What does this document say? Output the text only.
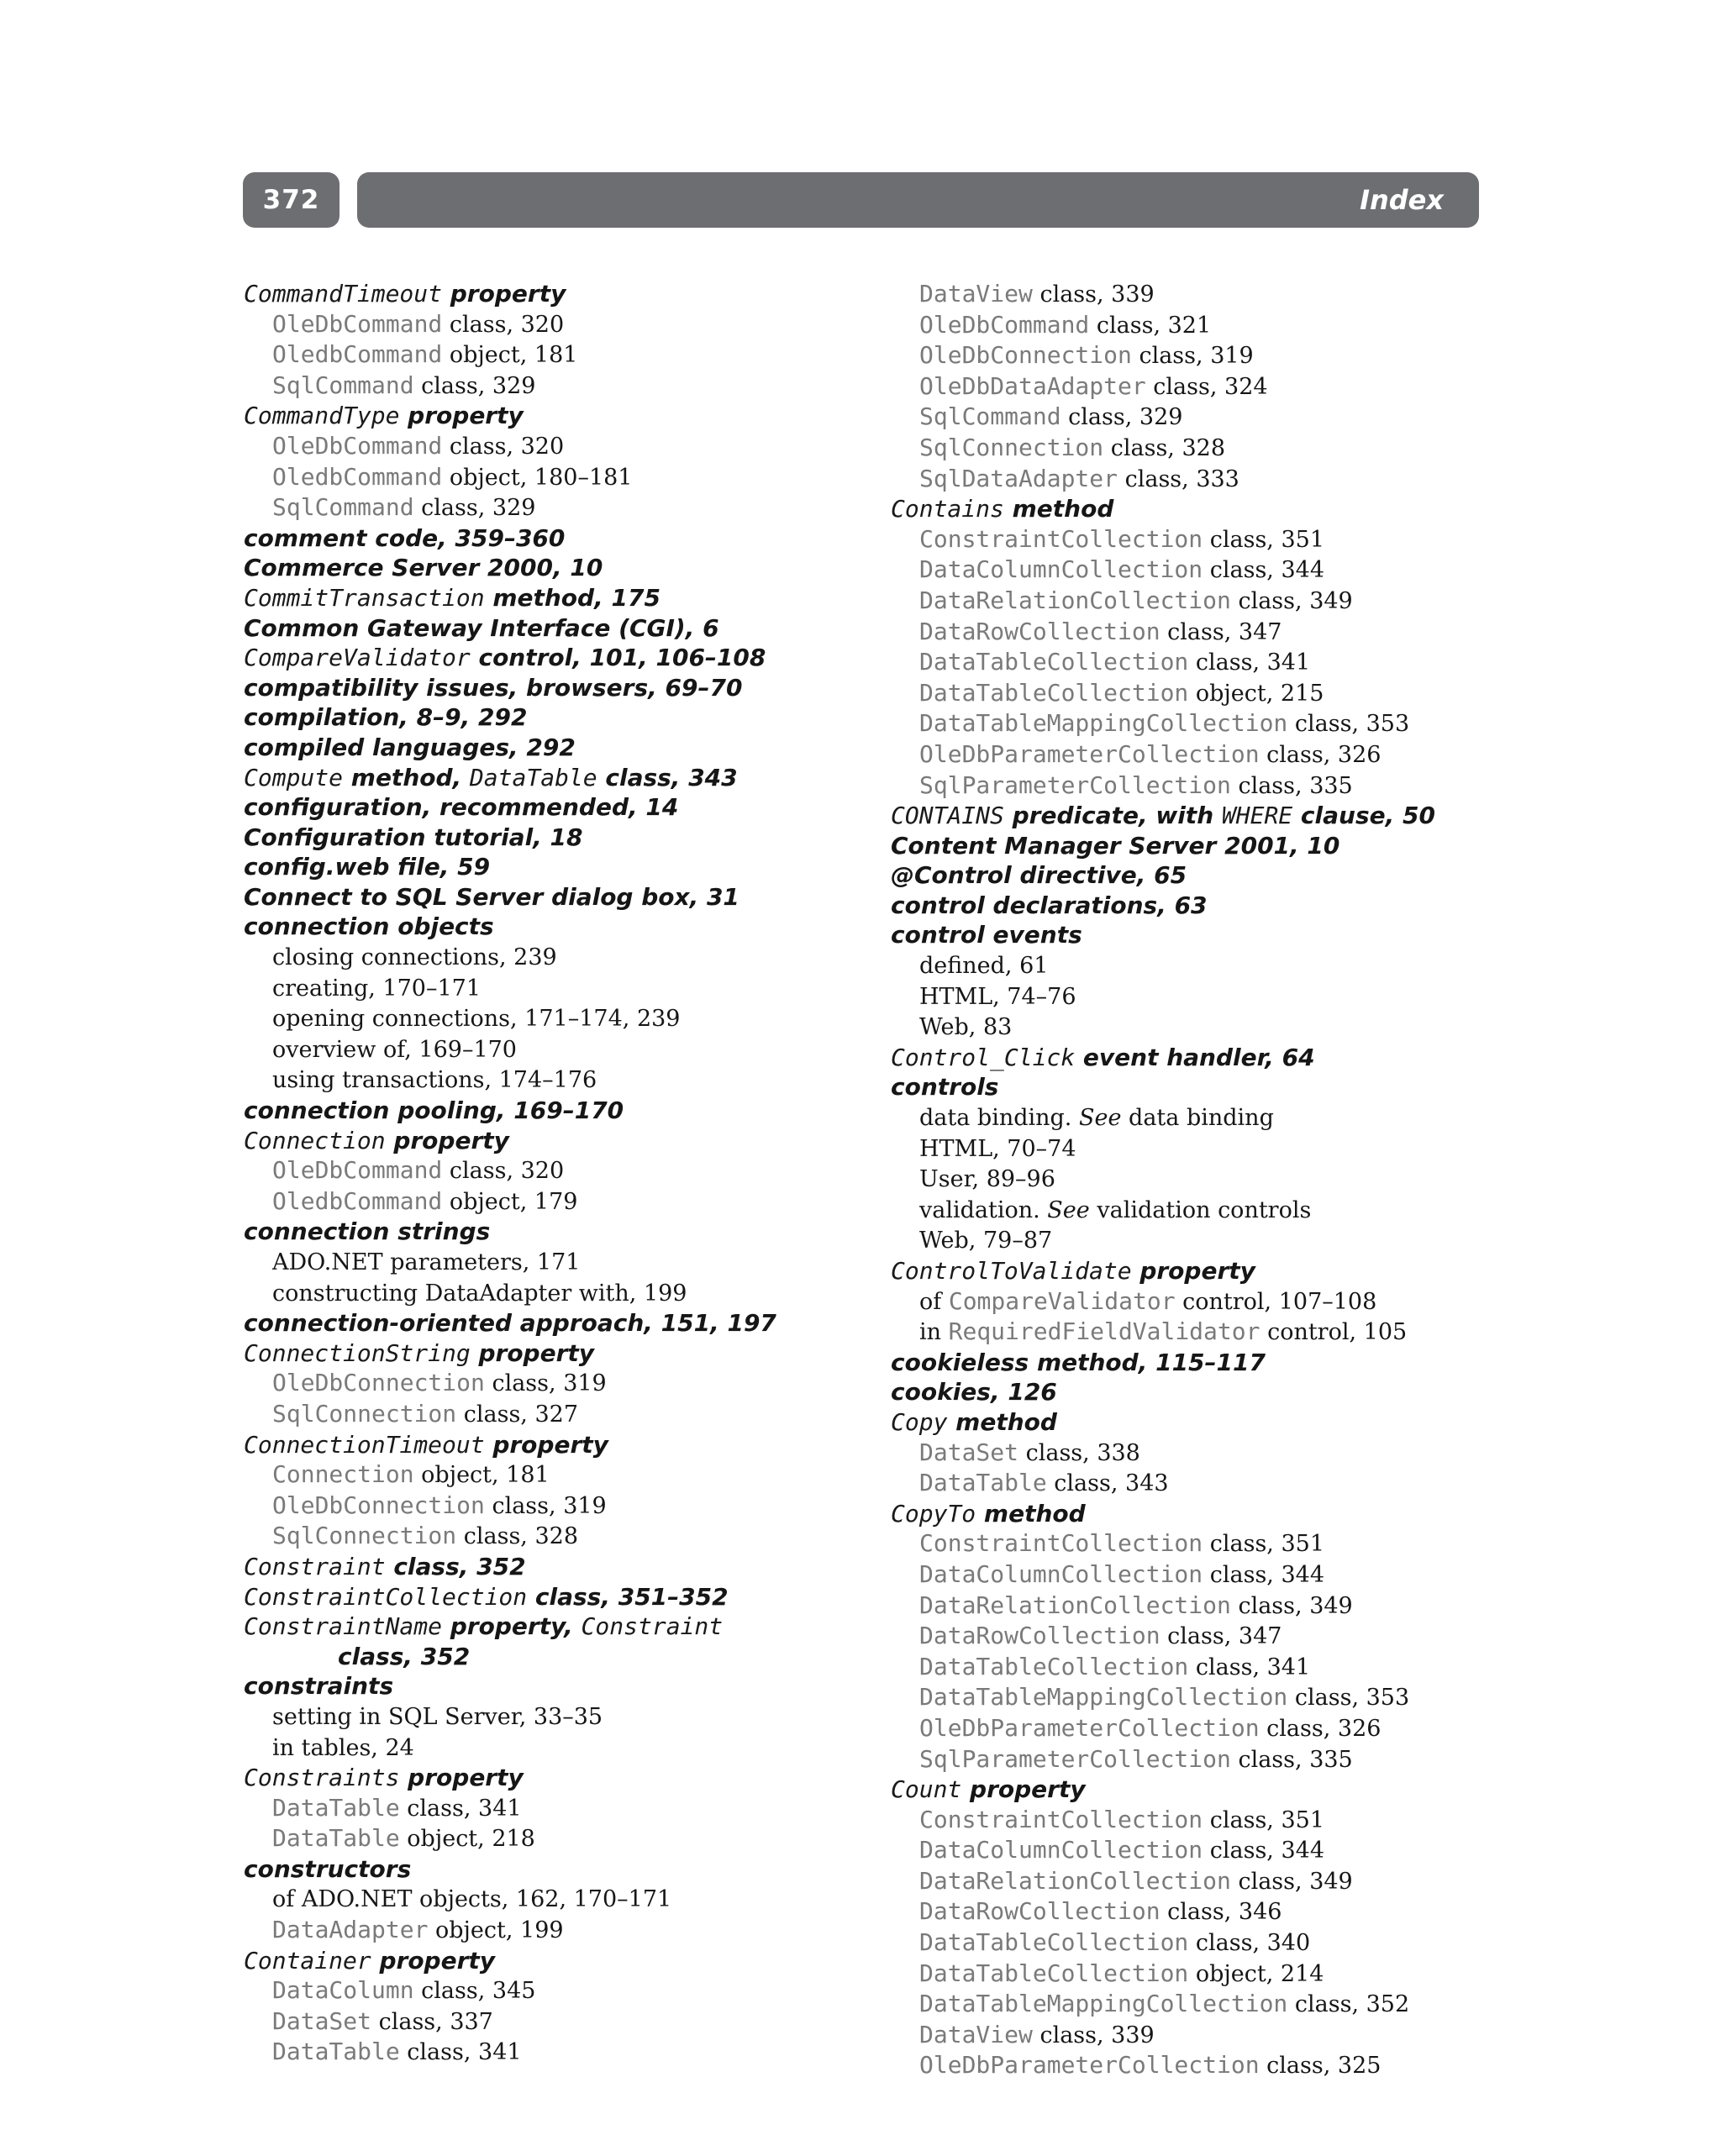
372	Index
CommandTimeout property
OleDbCommand class, 320
OledbCommand object, 181
SqlCommand class, 329
CommandType property
OleDbCommand class, 320
OledbCommand object, 180–181
SqlCommand class, 329
comment code, 359–360
Commerce Server 2000, 10
CommitTransaction method, 175
Common Gateway Interface (CGI), 6
CompareValidator control, 101, 106–108
compatibility issues, browsers, 69–70
compilation, 8–9, 292
compiled languages, 292
Compute method, DataTable class, 343
configuration, recommended, 14
Configuration tutorial, 18
config.web file, 59
Connect to SQL Server dialog box, 31
connection objects
closing connections, 239
creating, 170–171
opening connections, 171–174, 239
overview of, 169–170
using transactions, 174–176
connection pooling, 169–170
Connection property
OleDbCommand class, 320
OledbCommand object, 179
connection strings
ADO.NET parameters, 171
constructing DataAdapter with, 199
connection-oriented approach, 151, 197
ConnectionString property
OleDbConnection class, 319
SqlConnection class, 327
ConnectionTimeout property
Connection object, 181
OleDbConnection class, 319
SqlConnection class, 328
Constraint class, 352
ConstraintCollection class, 351–352
ConstraintName property, Constraint
class, 352
constraints
setting in SQL Server, 33–35
in tables, 24
Constraints property
DataTable class, 341
DataTable object, 218
constructors
of ADO.NET objects, 162, 170–171
DataAdapter object, 199
Container property
DataColumn class, 345
DataSet class, 337
DataTable class, 341
DataView class, 339
OleDbCommand class, 321
OleDbConnection class, 319
OleDbDataAdapter class, 324
SqlCommand class, 329
SqlConnection class, 328
SqlDataAdapter class, 333
Contains method
ConstraintCollection class, 351
DataColumnCollection class, 344
DataRelationCollection class, 349
DataRowCollection class, 347
DataTableCollection class, 341
DataTableCollection object, 215
DataTableMappingCollection class, 353
OleDbParameterCollection class, 326
SqlParameterCollection class, 335
CONTAINS predicate, with WHERE clause, 50
Content Manager Server 2001, 10
@Control directive, 65
control declarations, 63
control events
defined, 61
HTML, 74–76
Web, 83
Control_Click event handler, 64
controls
data binding. See data binding
HTML, 70–74
User, 89–96
validation. See validation controls
Web, 79–87
ControlToValidate property
of CompareValidator control, 107–108
in RequiredFieldValidator control, 105
cookieless method, 115–117
cookies, 126
Copy method
DataSet class, 338
DataTable class, 343
CopyTo method
ConstraintCollection class, 351
DataColumnCollection class, 344
DataRelationCollection class, 349
DataRowCollection class, 347
DataTableCollection class, 341
DataTableMappingCollection class, 353
OleDbParameterCollection class, 326
SqlParameterCollection class, 335
Count property
ConstraintCollection class, 351
DataColumnCollection class, 344
DataRelationCollection class, 349
DataRowCollection class, 346
DataTableCollection class, 340
DataTableCollection object, 214
DataTableMappingCollection class, 352
DataView class, 339
OleDbParameterCollection class, 325
